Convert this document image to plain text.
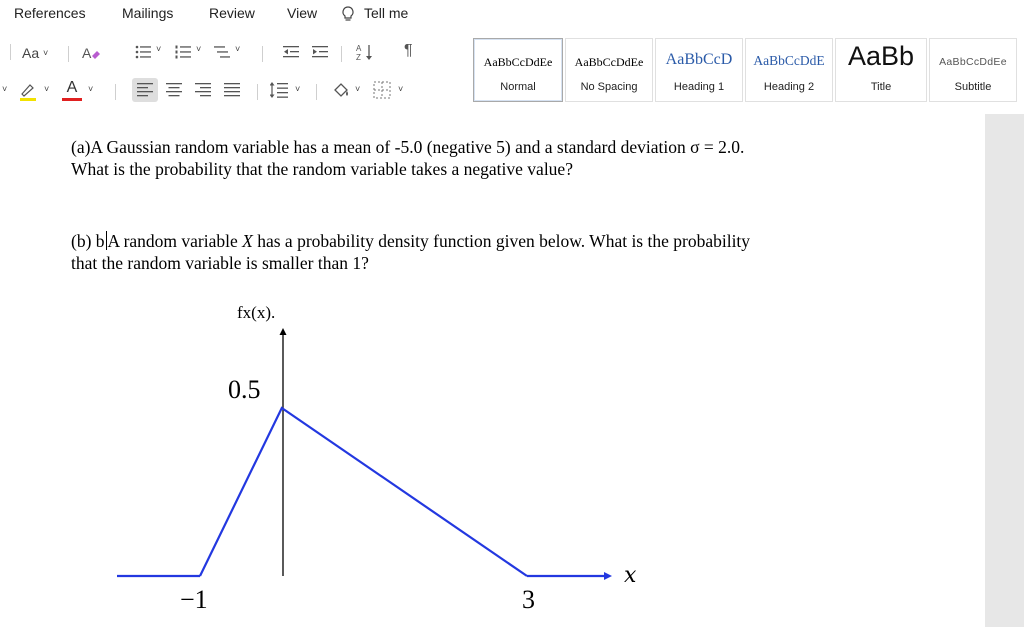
References	Mailings	Review View	Tell me
Aa
˅ A	˅	˅	˅	A
Z	¶
˅	˅ A ˅	˅	˅	˅
AaBbCcDdEe
Normal
AaBbCcDdEe
No Spacing
AaBbCcD
Heading 1
AaBbCcDdE
Heading 2
AaBb
Title
AaBbCcDdEe
Subtitle
(a)A Gaussian random variable has a mean of -5.0 (negative 5) and a standard deviation σ = 2.0.
What is the probability that the random variable takes a negative value?
(b) b A random variable X has a probability density function given below. What is the probability
that the random variable is smaller than 1?
fx(x).
0.5
x
−1	3
